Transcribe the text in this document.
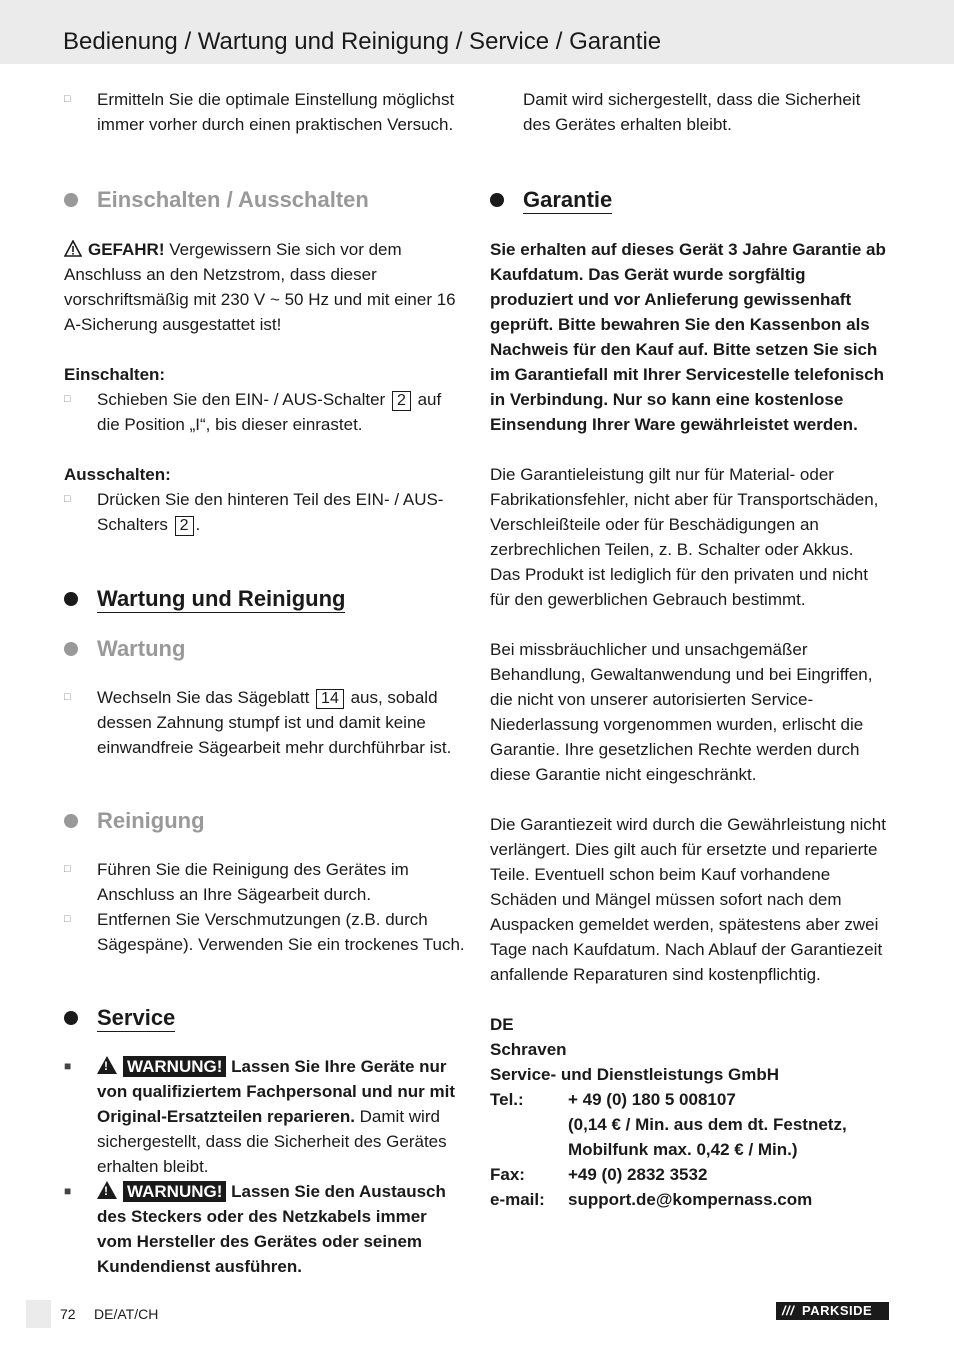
Bedienung / Wartung und Reinigung / Service / Garantie
□	Ermitteln Sie die optimale Einstellung möglichst immer vorher durch einen praktischen Versuch.
Einschalten / Ausschalten

GEFAHR! Vergewissern Sie sich vor dem Anschluss an den Netzstrom, dass dieser vorschriftsmäßig mit 230 V ~ 50 Hz und mit einer 16 A-Sicherung ausgestattet ist!

Einschalten:

□	Schieben Sie den EIN- / AUS-Schalter 2 auf die Position „I“, bis dieser einrastet.

Ausschalten:

□	Drücken Sie den hinteren Teil des EIN- / AUS-Schalters 2 .
Wartung und Reinigung
Wartung
□	Wechseln Sie das Sägeblatt 14 aus, sobald dessen Zahnung stumpf ist und damit keine einwandfreie Sägearbeit mehr durchführbar ist.
Reinigung
□	Führen Sie die Reinigung des Gerätes im Anschluss an Ihre Sägearbeit durch.
□	Entfernen Sie Verschmutzungen (z.B. durch Sägespäne). Verwenden Sie ein trockenes Tuch.
Service
■	! WARNUNG! Lassen Sie Ihre Geräte nur von qualifiziertem Fachpersonal und nur mit Original-Ersatzteilen reparieren. Damit wird sichergestellt, dass die Sicherheit des Gerätes erhalten bleibt.
■	! WARNUNG! Lassen Sie den Austausch des Steckers oder des Netzkabels immer vom Hersteller des Gerätes oder seinem Kundendienst ausführen.

Damit wird sichergestellt, dass die Sicherheit des Gerätes erhalten bleibt.

Garantie

Sie erhalten auf dieses Gerät 3 Jahre Garantie ab Kaufdatum. Das Gerät wurde sorgfältig produziert und vor Anlieferung gewissenhaft geprüft. Bitte bewahren Sie den Kassenbon als Nachweis für den Kauf auf. Bitte setzen Sie sich im Garantiefall mit Ihrer Servicestelle telefonisch in Verbindung. Nur so kann eine kostenlose Einsendung Ihrer Ware gewährleistet werden.

Die Garantieleistung gilt nur für Material- oder Fabrikationsfehler, nicht aber für Transportschäden, Verschleißteile oder für Beschädigungen an zerbrechlichen Teilen, z. B. Schalter oder Akkus.

Das Produkt ist lediglich für den privaten und nicht für den gewerblichen Gebrauch bestimmt.

Bei missbräuchlicher und unsachgemäßer Behandlung, Gewaltanwendung und bei Eingriffen, die nicht von unserer autorisierten Service-Niederlassung vorgenommen wurden, erlischt die Garantie. Ihre gesetzlichen Rechte werden durch diese Garantie nicht eingeschränkt.

Die Garantiezeit wird durch die Gewährleistung nicht verlängert. Dies gilt auch für ersetzte und reparierte Teile. Eventuell schon beim Kauf vorhandene Schäden und Mängel müssen sofort nach dem Auspacken gemeldet werden, spätestens aber zwei Tage nach Kaufdatum. Nach Ablauf der Garantiezeit anfallende Reparaturen sind kostenpflichtig.

DE

Schraven

Service- und Dienstleistungs GmbH

Tel.:	+ 49 (0) 180 5 008107
(0,14 € / Min. aus dem dt. Festnetz, Mobilfunk max. 0,42 € / Min.)
Fax:	+49 (0) 2832 3532
e-mail:	support.de@kompernass.com
72 DE/AT/CH	/// PARKSIDE
